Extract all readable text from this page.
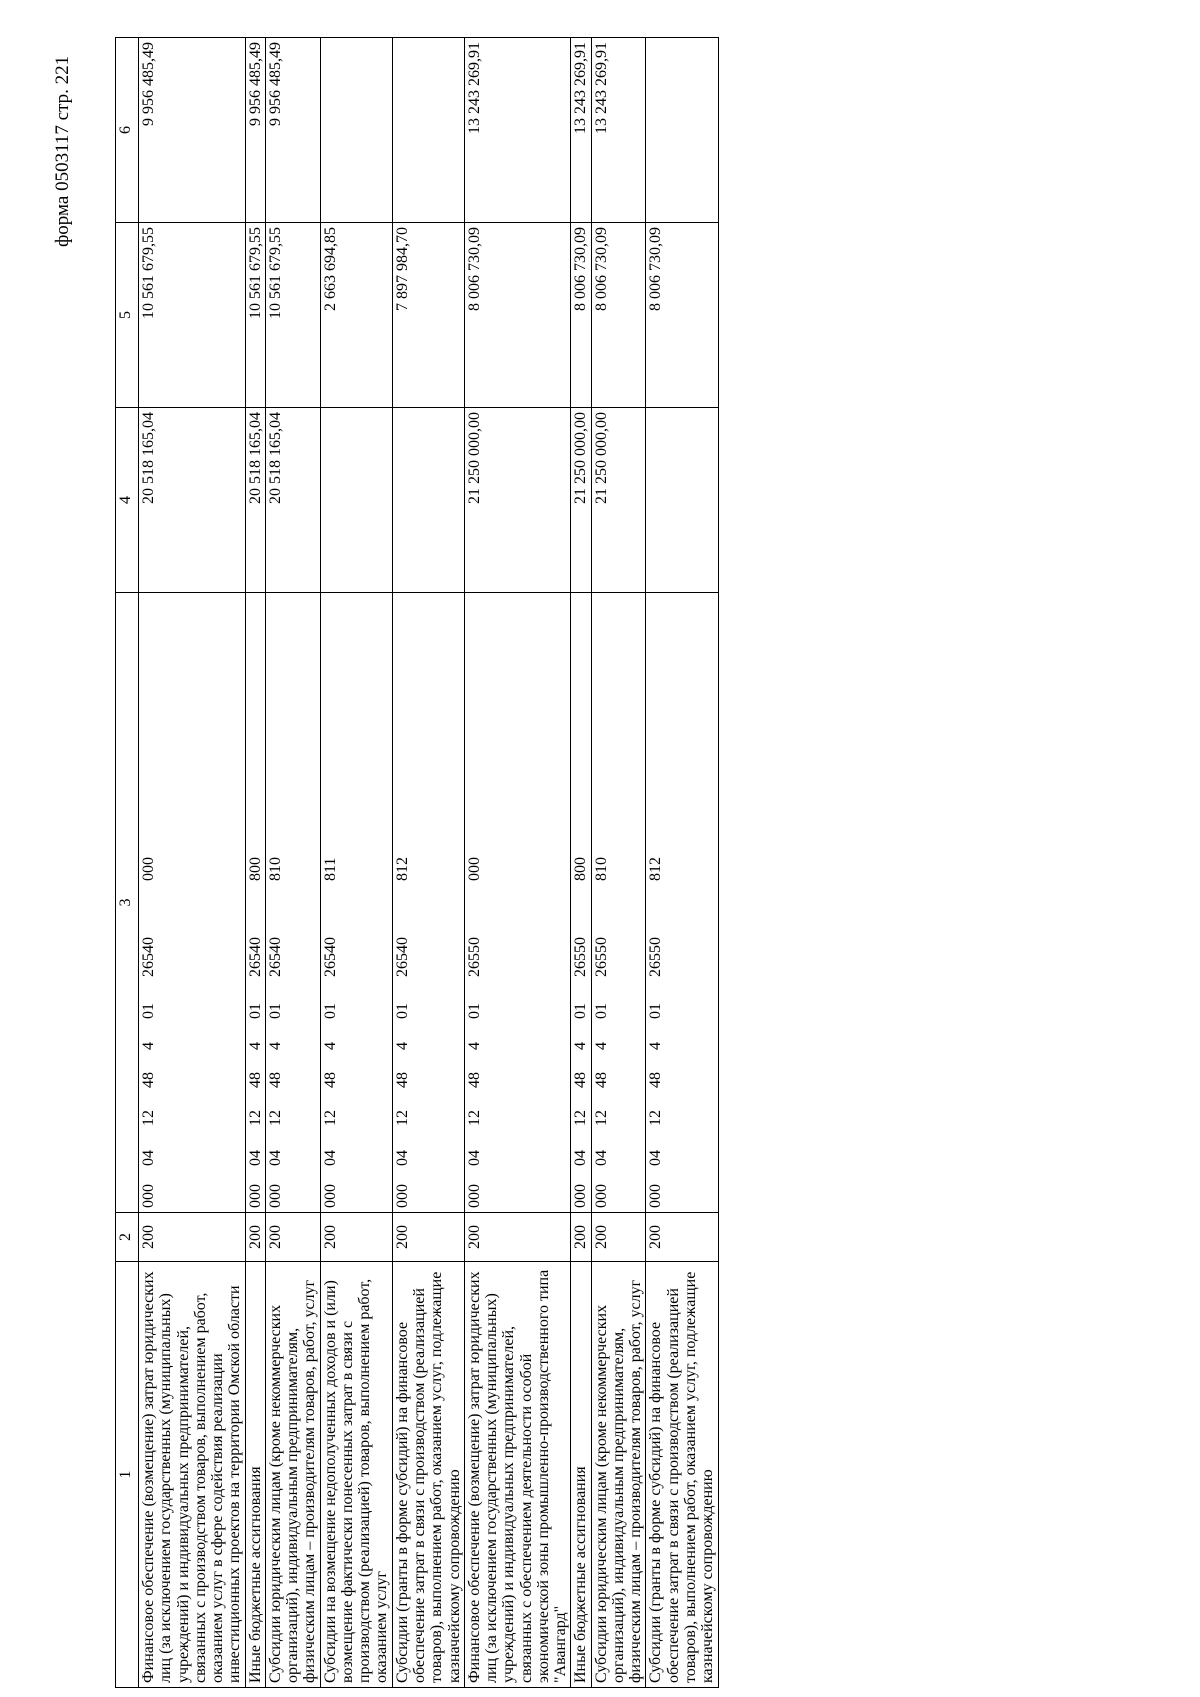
форма 0503117 стр. 221
1	2	3	4	5	6
Финансовое обеспечение (возмещение) затрат юридических лиц (за исключением государственных (муниципальных) учреждений) и индивидуальных предпринимателей, связанных с производством товаров, выполнением работ, оказанием услуг в сфере содействия реализации инвестиционных проектов на территории Омской области	200	00004124840126540000	20 518 165,04	10 561 679,55	9 956 485,49
Иные бюджетные ассигнования	200	00004124840126540800	20 518 165,04	10 561 679,55	9 956 485,49
Субсидии юридическим лицам (кроме некоммерческих организаций), индивидуальным предпринимателям, физическим лицам – производителям товаров, работ, услуг	200	00004124840126540810	20 518 165,04	10 561 679,55	9 956 485,49
Субсидии на возмещение недополученных доходов и (или) возмещение фактически понесенных затрат в связи с производством (реализацией) товаров, выполнением работ, оказанием услуг	200	00004124840126540811		2 663 694,85	
Субсидии (гранты в форме субсидий) на финансовое обеспечение затрат в связи с производством (реализацией товаров), выполнением работ, оказанием услуг, подлежащие казначейскому сопровождению	200	00004124840126540812		7 897 984,70	
Финансовое обеспечение (возмещение) затрат юридических лиц (за исключением государственных (муниципальных) учреждений) и индивидуальных предпринимателей, связанных с обеспечением деятельности особой экономической зоны промышленно-производственного типа "Авангард"	200	00004124840126550000	21 250 000,00	8 006 730,09	13 243 269,91
Иные бюджетные ассигнования	200	00004124840126550800	21 250 000,00	8 006 730,09	13 243 269,91
Субсидии юридическим лицам (кроме некоммерческих организаций), индивидуальным предпринимателям, физическим лицам – производителям товаров, работ, услуг	200	00004124840126550810	21 250 000,00	8 006 730,09	13 243 269,91
Субсидии (гранты в форме субсидий) на финансовое обеспечение затрат в связи с производством (реализацией товаров), выполнением работ, оказанием услуг, подлежащие казначейскому сопровождению	200	00004124840126550812		8 006 730,09	
